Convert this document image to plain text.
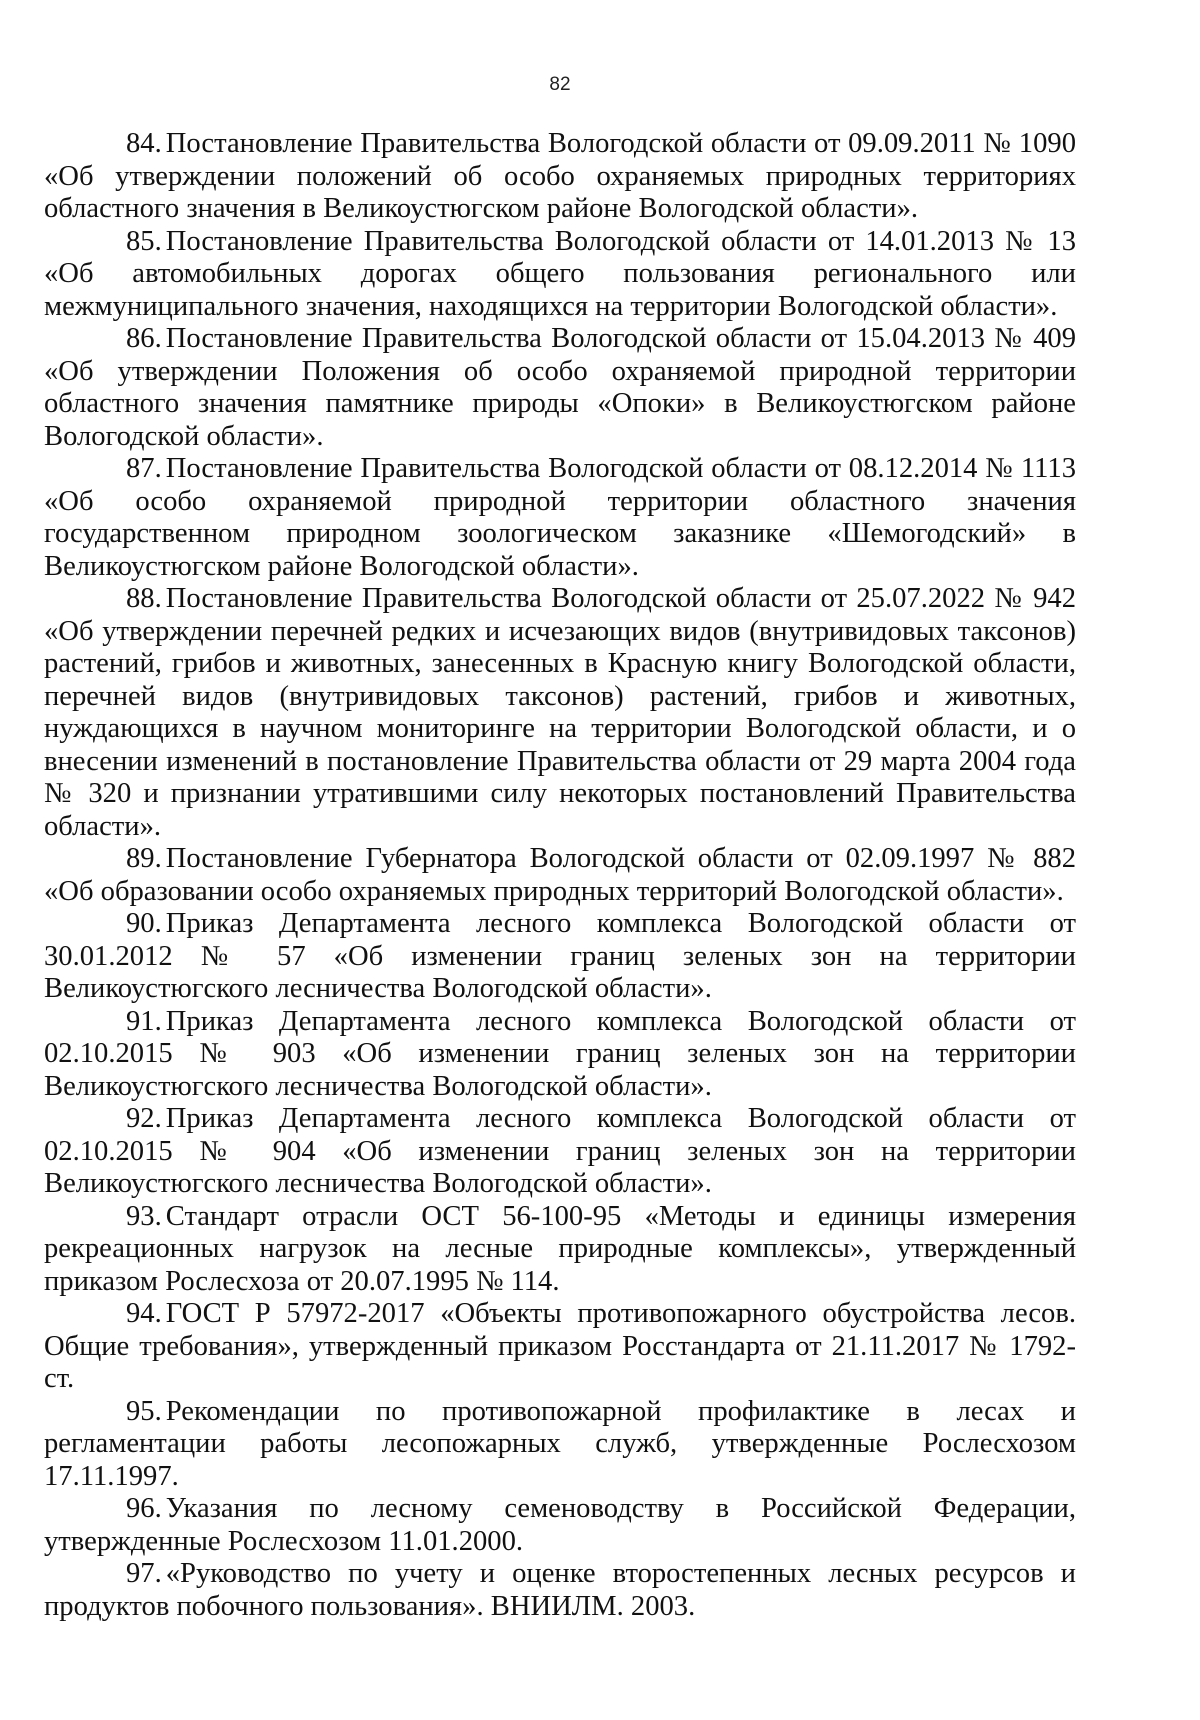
82

84. Постановление Правительства Вологодской области от 09.09.2011 № 1090 «Об утверждении положений об особо охраняемых природных территориях областного значения в Великоустюгском районе Вологодской области».

85. Постановление Правительства Вологодской области от 14.01.2013 № 13 «Об автомобильных дорогах общего пользования регионального или межмуниципального значения, находящихся на территории Вологодской области».

86. Постановление Правительства Вологодской области от 15.04.2013 № 409 «Об утверждении Положения об особо охраняемой природной территории областного значения памятнике природы «Опоки» в Великоустюгском районе Вологодской области».

87. Постановление Правительства Вологодской области от 08.12.2014 № 1113 «Об особо охраняемой природной территории областного значения государственном природном зоологическом заказнике «Шемогодский» в Великоустюгском районе Вологодской области».

88. Постановление Правительства Вологодской области от 25.07.2022 № 942 «Об утверждении перечней редких и исчезающих видов (внутривидовых таксонов) растений, грибов и животных, занесенных в Красную книгу Вологодской области, перечней видов (внутривидовых таксонов) растений, грибов и животных, нуждающихся в научном мониторинге на территории Вологодской области, и о внесении изменений в постановление Правительства области от 29 марта 2004 года № 320 и признании утратившими силу некоторых постановлений Правительства области».

89. Постановление Губернатора Вологодской области от 02.09.1997 № 882 «Об образовании особо охраняемых природных территорий Вологодской области».

90. Приказ Департамента лесного комплекса Вологодской области от 30.01.2012 № 57 «Об изменении границ зеленых зон на территории Великоустюгского лесничества Вологодской области».

91. Приказ Департамента лесного комплекса Вологодской области от 02.10.2015 № 903 «Об изменении границ зеленых зон на территории Великоустюгского лесничества Вологодской области».

92. Приказ Департамента лесного комплекса Вологодской области от 02.10.2015 № 904 «Об изменении границ зеленых зон на территории Великоустюгского лесничества Вологодской области».

93. Стандарт отрасли ОСТ 56-100-95 «Методы и единицы измерения рекреационных нагрузок на лесные природные комплексы», утвержденный приказом Рослесхоза от 20.07.1995 № 114.

94. ГОСТ Р 57972-2017 «Объекты противопожарного обустройства лесов. Общие требования», утвержденный приказом Росстандарта от 21.11.2017 № 1792-ст.

95. Рекомендации по противопожарной профилактике в лесах и регламентации работы лесопожарных служб, утвержденные Рослесхозом 17.11.1997.

96. Указания по лесному семеноводству в Российской Федерации, утвержденные Рослесхозом 11.01.2000.

97. «Руководство по учету и оценке второстепенных лесных ресурсов и продуктов побочного пользования». ВНИИЛМ. 2003.
